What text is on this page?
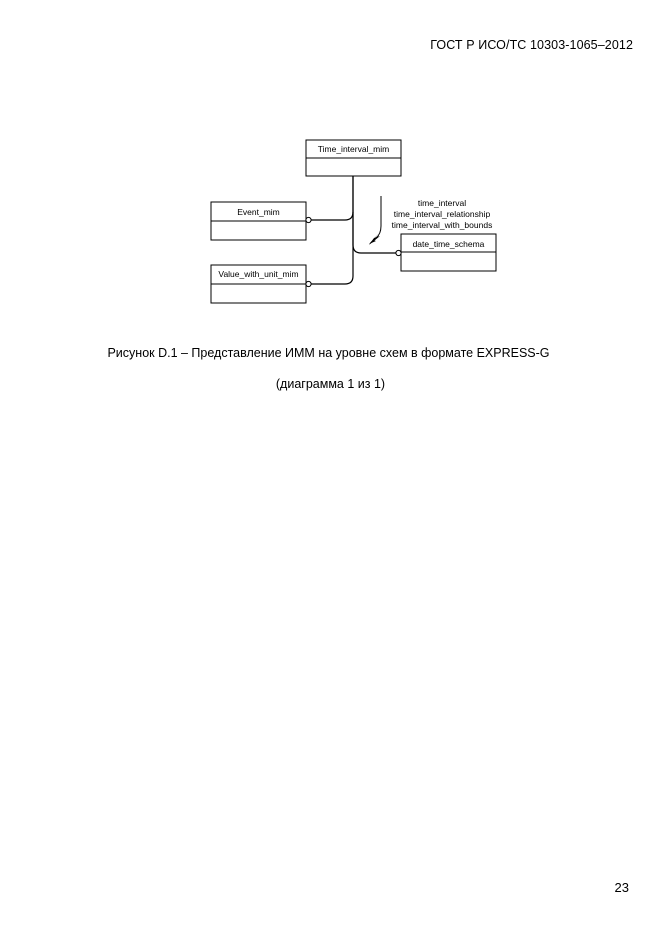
ГОСТ Р ИСО/ТС 10303-1065–2012
Time_interval_mim
Event_mim
Value_with_unit_mim
date_time_schema
time_interval
time_interval_relationship
time_interval_with_bounds
Рисунок D.1 – Представление ИММ на уровне схем в формате EXPRESS-G
(диаграмма 1 из 1)
23
